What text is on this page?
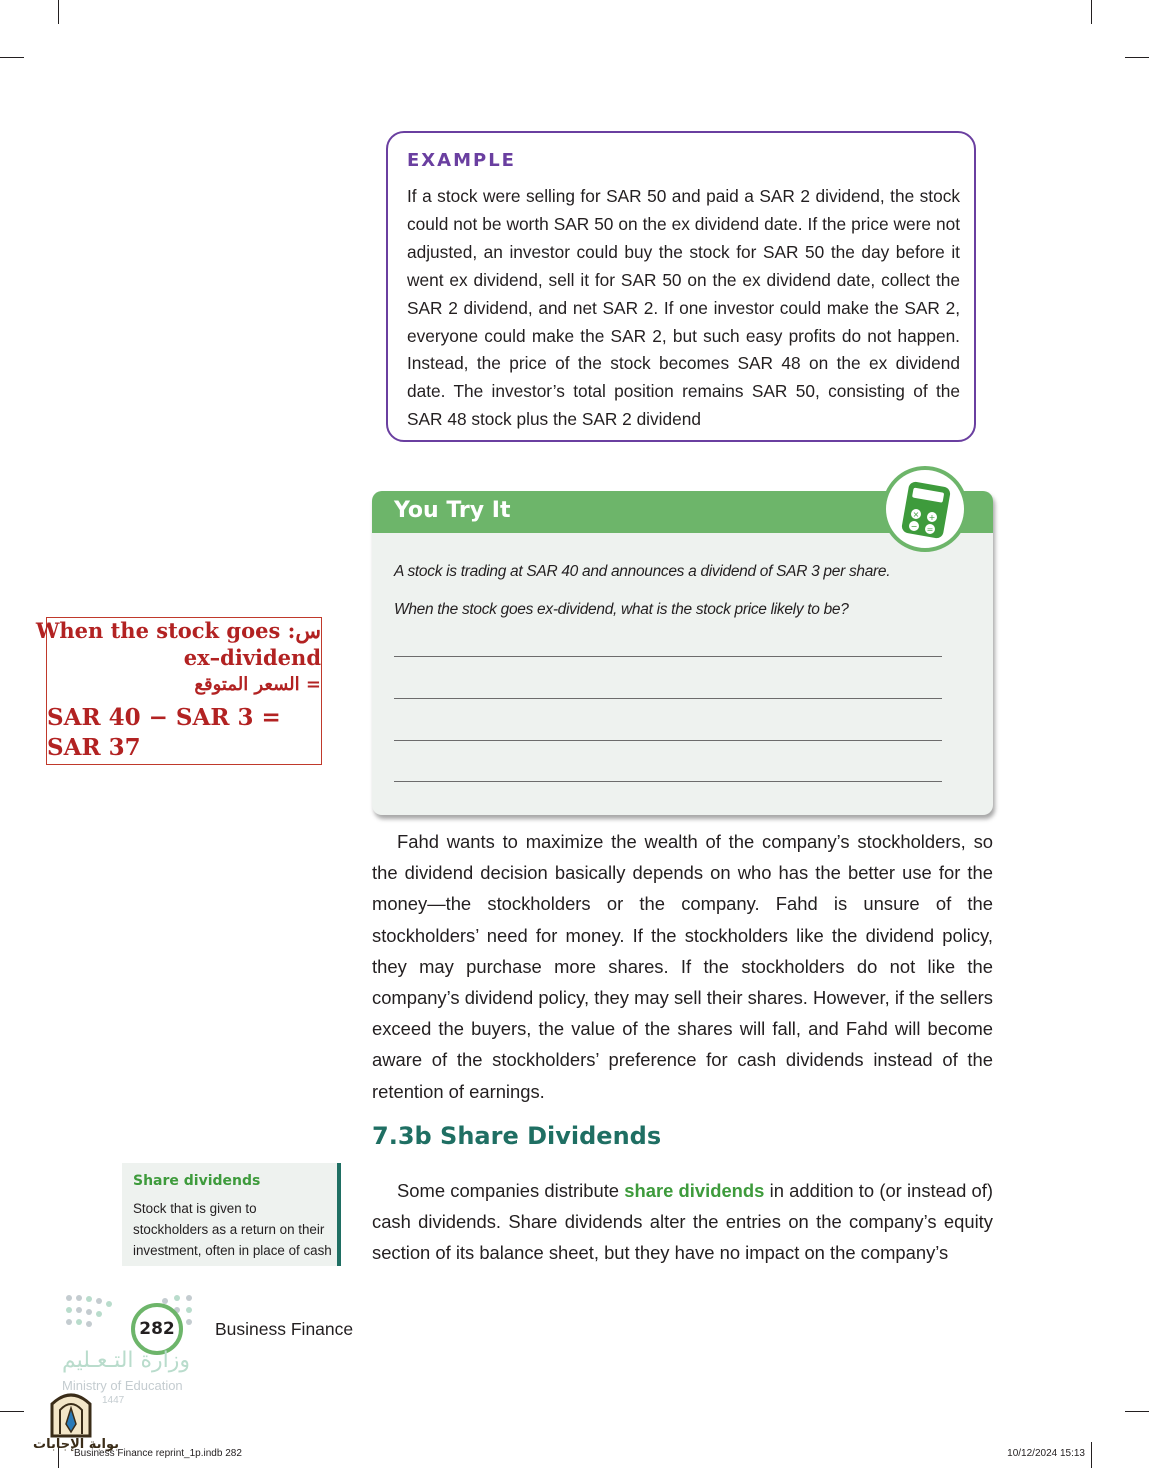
EXAMPLE
If a stock were selling for SAR 50 and paid a SAR 2 dividend, the stock could not be worth SAR 50 on the ex dividend date. If the price were not adjusted, an investor could buy the stock for SAR 50 the day before it went ex dividend, sell it for SAR 50 on the ex dividend date, collect the SAR 2 dividend, and net SAR 2. If one investor could make the SAR 2, everyone could make the SAR 2, but such easy profits do not happen. Instead, the price of the stock becomes SAR 48 on the ex dividend date. The investor’s total position remains SAR 50, consisting of the SAR 48 stock plus the SAR 2 dividend
You Try It
A stock is trading at SAR 40 and announces a dividend of SAR 3 per share.
When the stock goes ex-dividend, what is the stock price likely to be?
× +
− =
When the stock goes :س
ex–dividend
السعر المتوقع =
SAR 40 − SAR 3 =
SAR 37
Fahd wants to maximize the wealth of the company’s stockholders, so the dividend decision basically depends on who has the better use for the money—the stockholders or the company. Fahd is unsure of the stockholders’ need for money. If the stockholders like the dividend policy, they may purchase more shares. If the stockholders do not like the company’s dividend policy, they may sell their shares. However, if the sellers exceed the buyers, the value of the shares will fall, and Fahd will become aware of the stockholders’ preference for cash dividends instead of the retention of earnings.
7.3b Share Dividends
Some companies distribute share dividends in addition to (or instead of) cash dividends. Share dividends alter the entries on the company’s equity section of its balance sheet, but they have no impact on the company’s
Share dividends
Stock that is given to stockholders as a return on their investment, often in place of cash
282	Business Finance
وزارة التـعـليم
Ministry of Education
1447
بوابة الإجابات
Business Finance reprint_1p.indb 282	10/12/2024 15:13
